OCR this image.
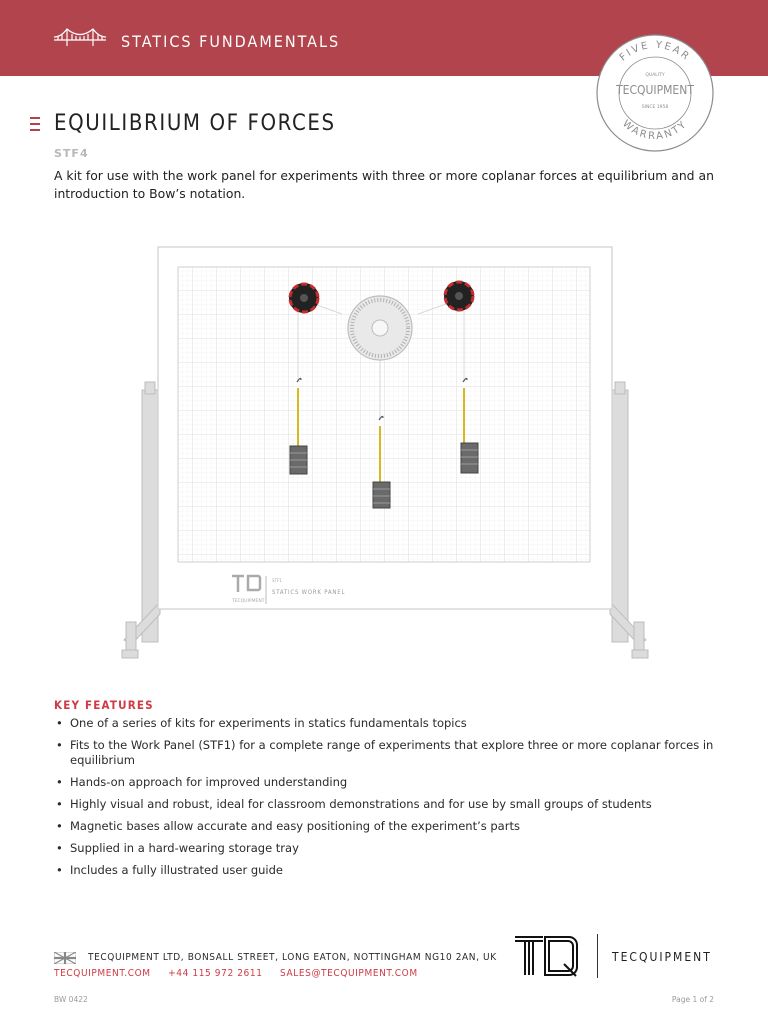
STATICS FUNDAMENTALS
FIVE YEAR
WARRANTY
QUALITY
TECQUIPMENT
SINCE 1958
EQUILIBRIUM OF FORCES
STF4
A kit for use with the work panel for experiments with three or more coplanar forces at equilibrium and an introduction to Bow’s notation.
TECQUIPMENT
STF1
STATICS WORK PANEL
KEY FEATURES
• One of a series of kits for experiments in statics fundamentals topics
• Fits to the Work Panel (STF1) for a complete range of experiments that explore three or more coplanar forces in equilibrium
• Hands-on approach for improved understanding
• Highly visual and robust, ideal for classroom demonstrations and for use by small groups of students
• Magnetic bases allow accurate and easy positioning of the experiment’s parts
• Supplied in a hard-wearing storage tray
• Includes a fully illustrated user guide
TECQUIPMENT LTD, BONSALL STREET, LONG EATON, NOTTINGHAM NG10 2AN, UK
TECQUIPMENT.COM +44 115 972 2611 SALES@TECQUIPMENT.COM
TECQUIPMENT
BW 0422	Page 1 of 2
